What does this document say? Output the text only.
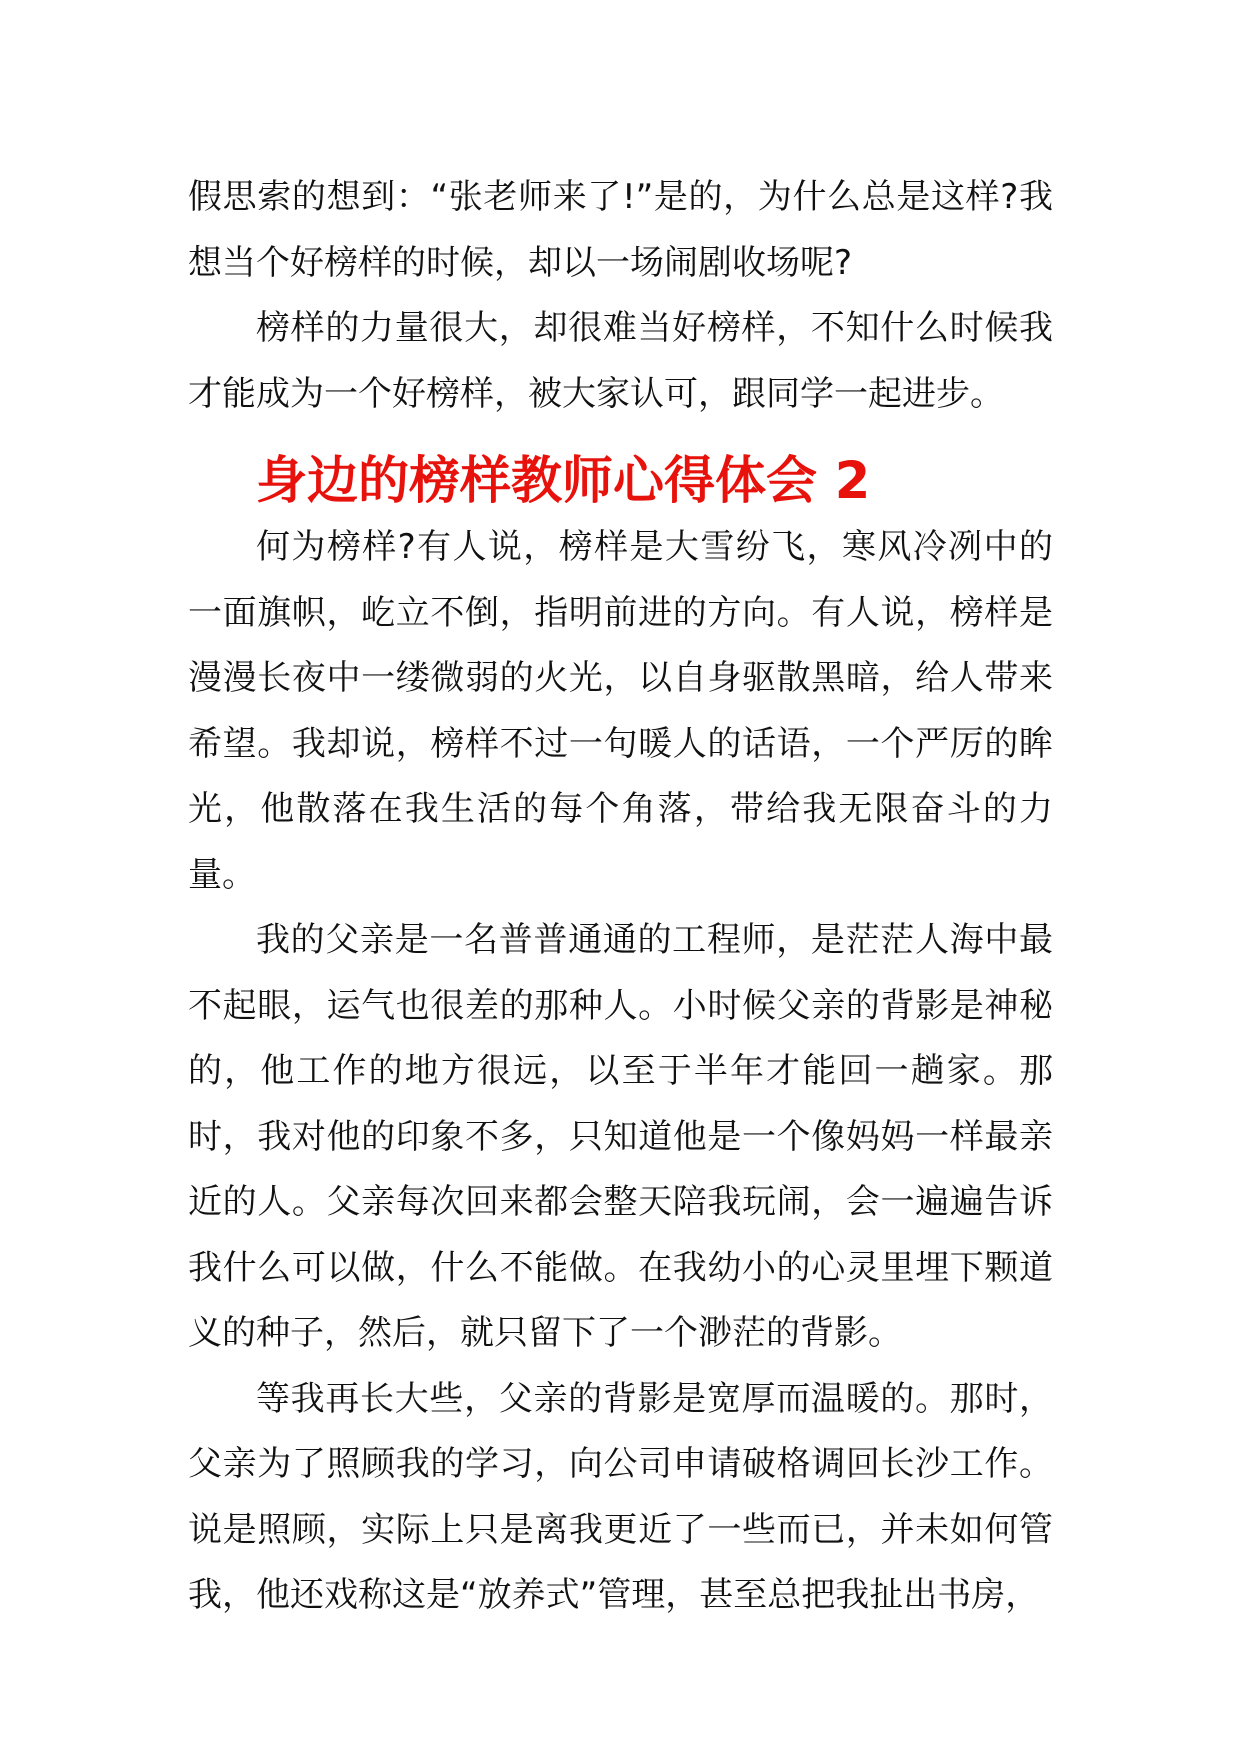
假思索的想到：“张老师来了!”是的，为什么总是这样?我想当个好榜样的时候，却以一场闹剧收场呢?

榜样的力量很大，却很难当好榜样，不知什么时候我才能成为一个好榜样，被大家认可，跟同学一起进步。

身边的榜样教师心得体会 2

何为榜样?有人说，榜样是大雪纷飞，寒风冷冽中的一面旗帜，屹立不倒，指明前进的方向。有人说，榜样是漫漫长夜中一缕微弱的火光，以自身驱散黑暗，给人带来希望。我却说，榜样不过一句暖人的话语，一个严厉的眸光，他散落在我生活的每个角落，带给我无限奋斗的力量。

我的父亲是一名普普通通的工程师，是茫茫人海中最不起眼，运气也很差的那种人。小时候父亲的背影是神秘的，他工作的地方很远，以至于半年才能回一趟家。那时，我对他的印象不多，只知道他是一个像妈妈一样最亲近的人。父亲每次回来都会整天陪我玩闹，会一遍遍告诉我什么可以做，什么不能做。在我幼小的心灵里埋下颗道义的种子，然后，就只留下了一个渺茫的背影。

等我再长大些，父亲的背影是宽厚而温暖的。那时，父亲为了照顾我的学习，向公司申请破格调回长沙工作。说是照顾，实际上只是离我更近了一些而已，并未如何管我，他还戏称这是“放养式”管理，甚至总把我扯出书房，
